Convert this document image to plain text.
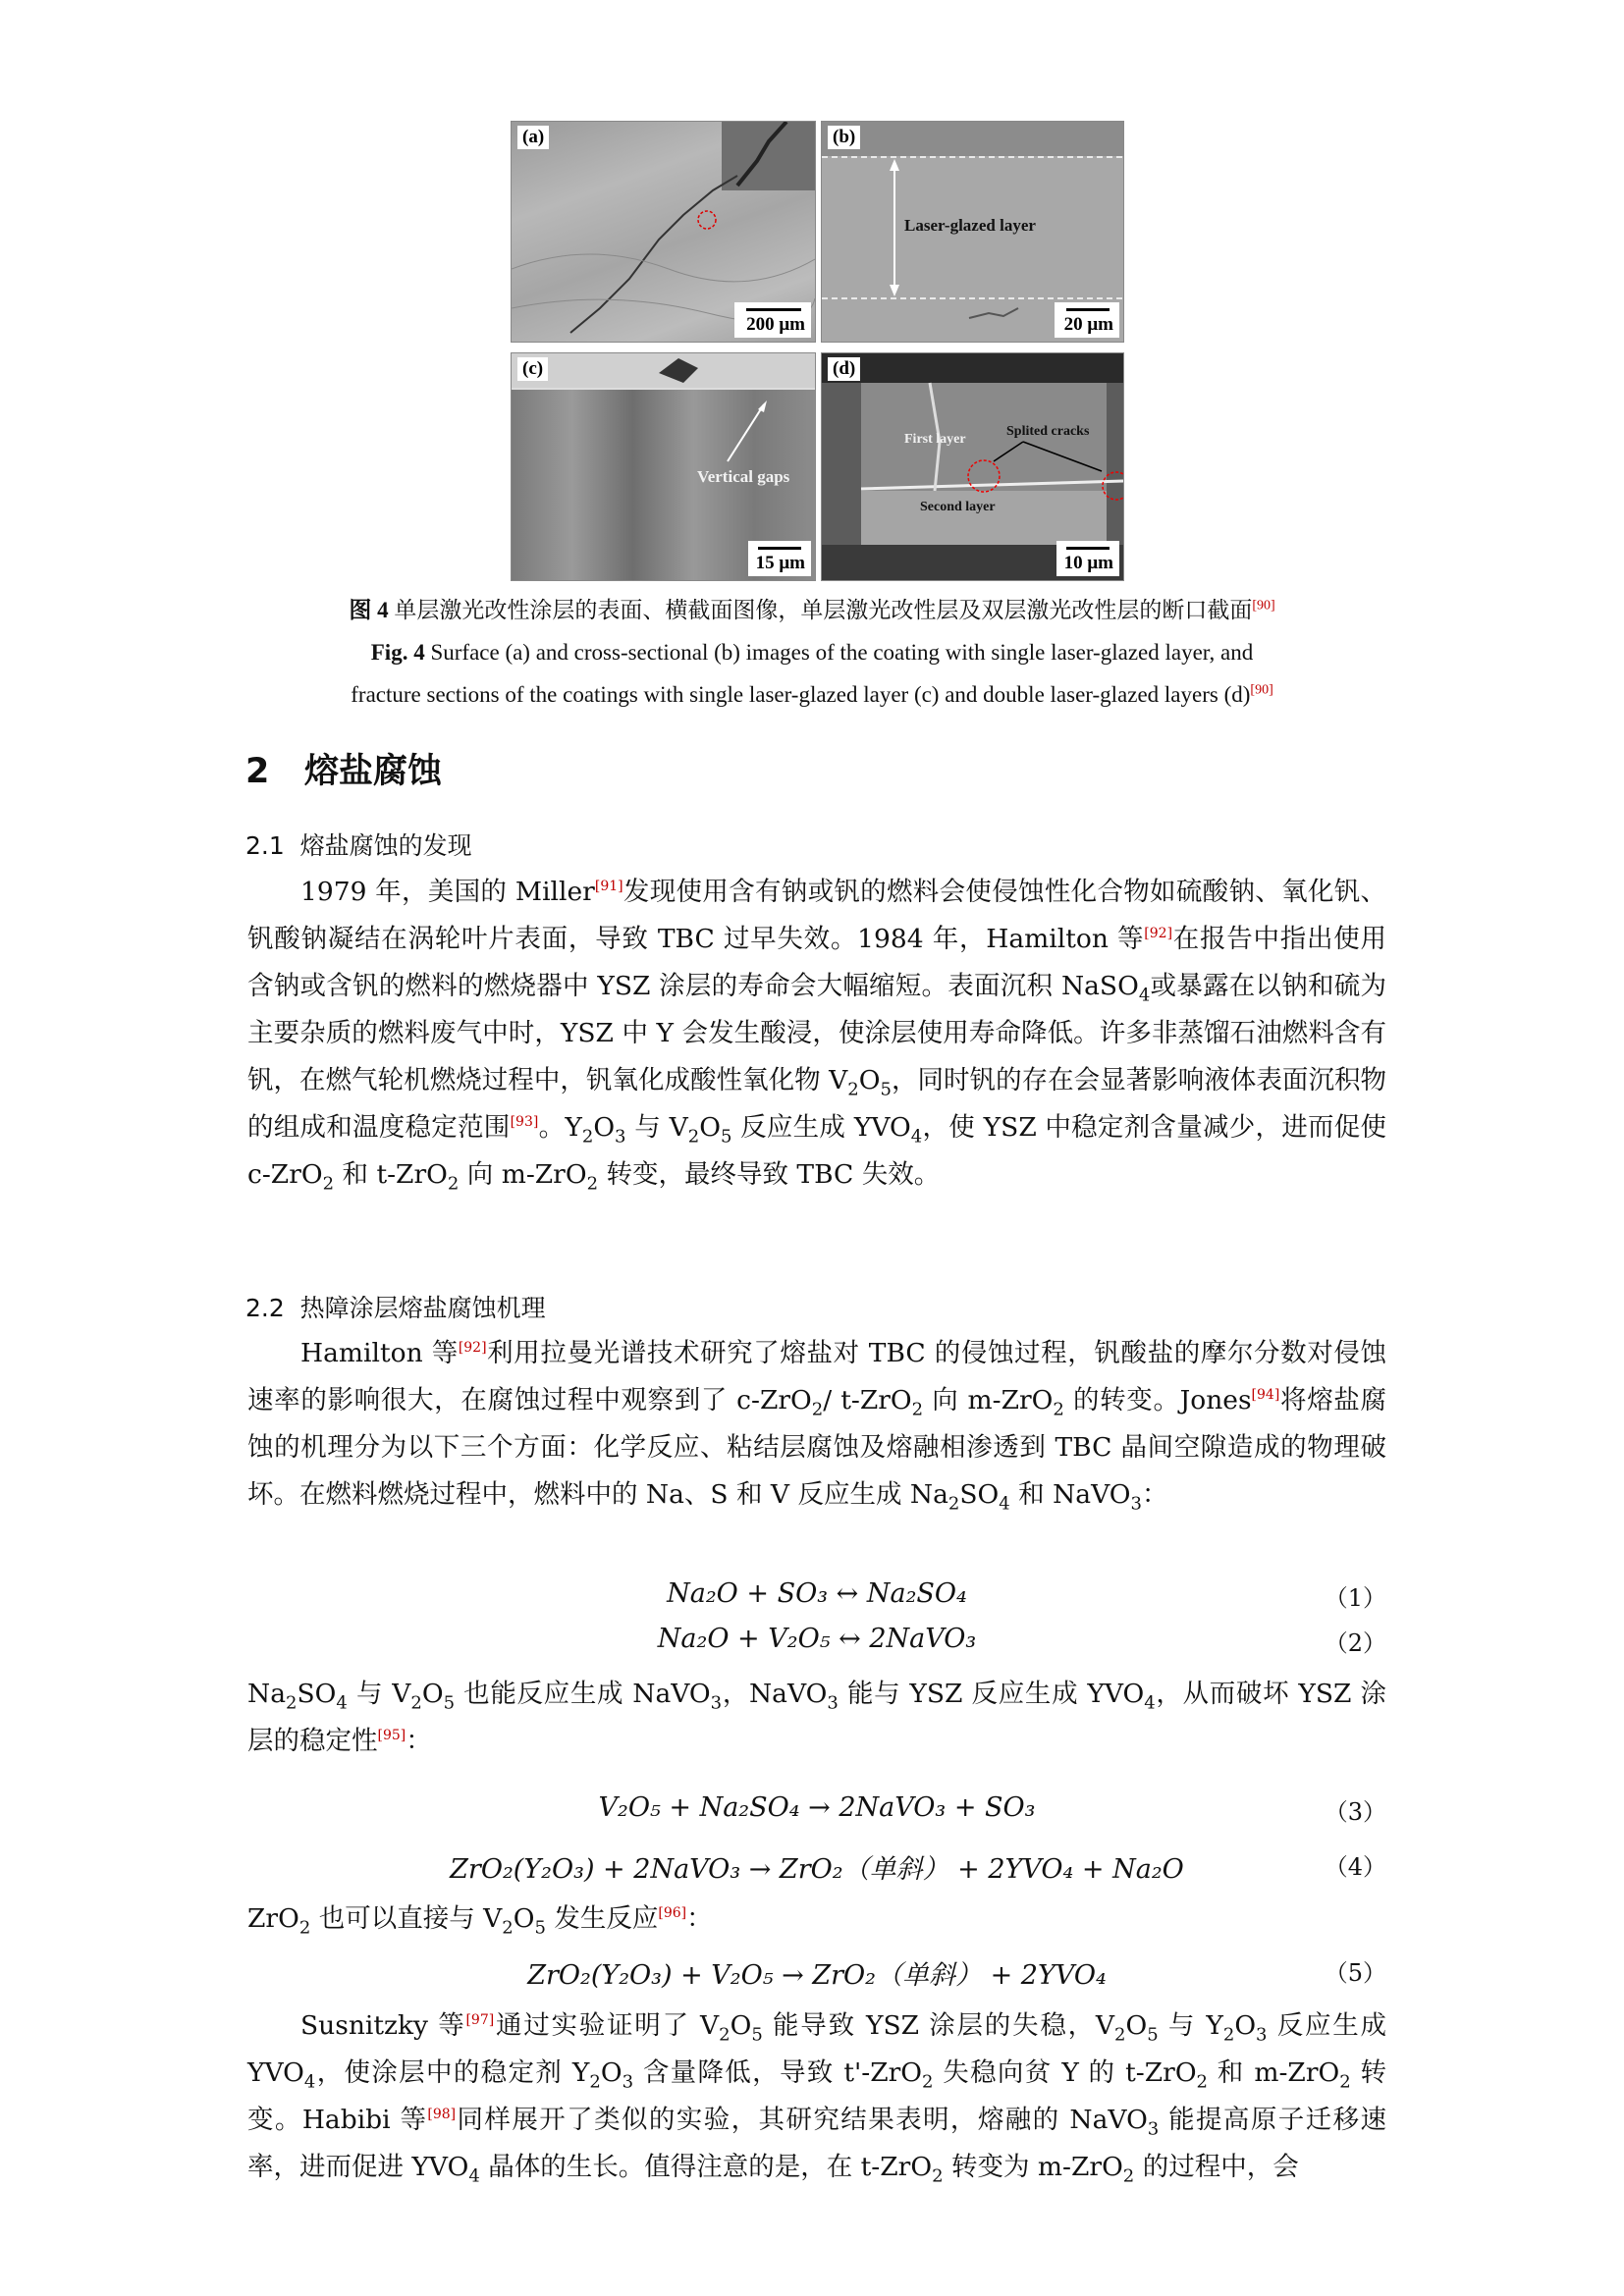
(a)
200 μm
(b)
Laser-glazed layer
20 μm
(c)
Vertical gaps
15 μm
(d)
First layer
Splited cracks
Second layer
10 μm
图 4 单层激光改性涂层的表面、横截面图像，单层激光改性层及双层激光改性层的断口截面[90]
Fig. 4 Surface (a) and cross-sectional (b) images of the coating with single laser-glazed layer, and
fracture sections of the coatings with single laser-glazed layer (c) and double laser-glazed layers (d)[90]
2 熔盐腐蚀
2.1 熔盐腐蚀的发现

1979 年，美国的 Miller[91]发现使用含有钠或钒的燃料会使侵蚀性化合物如硫酸钠、氧化钒、钒酸钠凝结在涡轮叶片表面，导致 TBC 过早失效。1984 年，Hamilton 等[92]在报告中指出使用含钠或含钒的燃料的燃烧器中 YSZ 涂层的寿命会大幅缩短。表面沉积 NaSO$_4$或暴露在以钠和硫为主要杂质的燃料废气中时，YSZ 中 Y 会发生酸浸，使涂层使用寿命降低。许多非蒸馏石油燃料含有钒，在燃气轮机燃烧过程中，钒氧化成酸性氧化物 $V_2O_5$，同时钒的存在会显著影响液体表面沉积物的组成和温度稳定范围[93]。$Y_2O_3$ 与 $V_2O_5$ 反应生成 $YVO_4$，使 YSZ 中稳定剂含量减少，进而促使 c-ZrO$_2$ 和 t-ZrO$_2$ 向 m-ZrO$_2$ 转变，最终导致 TBC 失效。

2.2 热障涂层熔盐腐蚀机理

Hamilton 等[92]利用拉曼光谱技术研究了熔盐对 TBC 的侵蚀过程，钒酸盐的摩尔分数对侵蚀速率的影响很大，在腐蚀过程中观察到了 c-ZrO$_2$/ t-ZrO$_2$ 向 m-ZrO$_2$ 的转变。Jones[94]将熔盐腐蚀的机理分为以下三个方面：化学反应、粘结层腐蚀及熔融相渗透到 TBC 晶间空隙造成的物理破坏。在燃料燃烧过程中，燃料中的 Na、S 和 V 反应生成 $Na_2SO_4$ 和 NaVO$_3$：

Na₂O + SO₃ ↔ Na₂SO₄	（1）
Na₂O + V₂O₅ ↔ 2NaVO₃	（2）

$Na_2SO_4$ 与 $V_2O_5$ 也能反应生成 NaVO$_3$，NaVO$_3$ 能与 YSZ 反应生成 $YVO_4$，从而破坏 YSZ 涂层的稳定性[95]：

V₂O₅ + Na₂SO₄ → 2NaVO₃ + SO₃	（3）
ZrO₂(Y₂O₃) + 2NaVO₃ → ZrO₂（单斜） + 2YVO₄ + Na₂O	（4）

ZrO$_2$ 也可以直接与 $V_2O_5$ 发生反应[96]：

ZrO₂(Y₂O₃) + V₂O₅ → ZrO₂（单斜） + 2YVO₄	（5）

Susnitzky 等[97]通过实验证明了 $V_2O_5$ 能导致 YSZ 涂层的失稳，$V_2O_5$ 与 $Y_2O_3$ 反应生成 $YVO_4$，使涂层中的稳定剂 $Y_2O_3$ 含量降低，导致 t'-ZrO$_2$ 失稳向贫 Y 的 t-ZrO$_2$ 和 m-ZrO$_2$ 转变。Habibi 等[98]同样展开了类似的实验，其研究结果表明，熔融的 NaVO$_3$ 能提高原子迁移速率，进而促进 $YVO_4$ 晶体的生长。值得注意的是，在 t-ZrO$_2$ 转变为 m-ZrO$_2$ 的过程中，会
